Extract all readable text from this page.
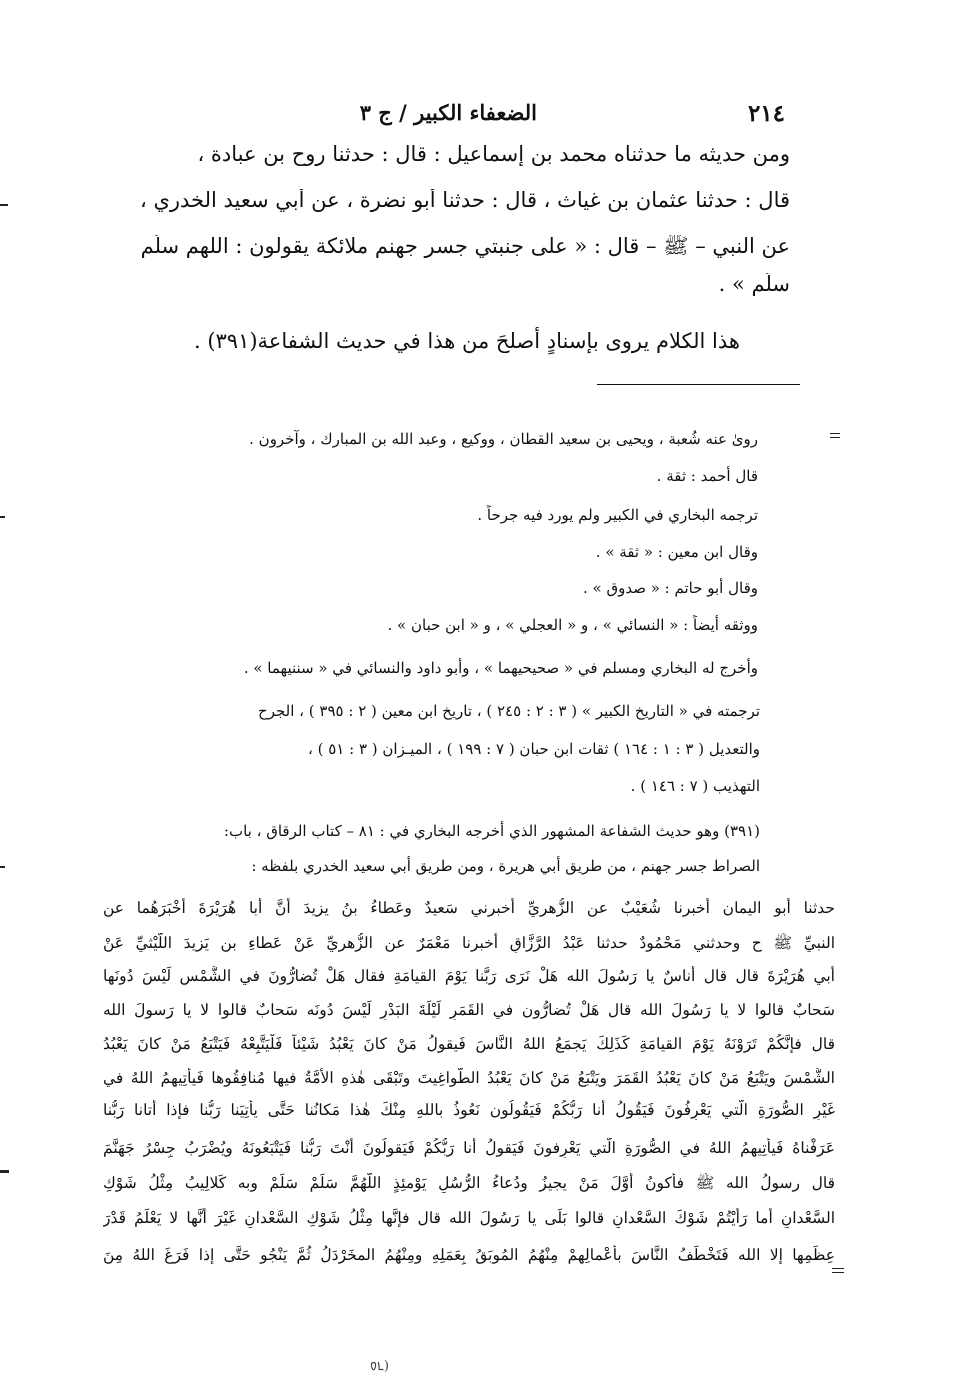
٢١٤
الضعفاء الكبير / ج ٣
ومن حديثه ما حدثناه محمد بن إسماعيل : قال : حدثنا روح بن عبادة ،
قال : حدثنا عثمان بن غياث ، قال : حدثنا أبو نضرة ، عن أبي سعيد الخدري ،
عن النبي – ﷺ – قال : « على جنبتي جسر جهنم ملائكة يقولون : اللهم سلّم
سلّم » .
هذا الكلام يروى بإسنادٍ أصلحَ من هذا في حديث الشفاعة(٣٩١) .
روىٰ عنه شُعبة ، ويحيى بن سعيد القطان ، ووكيع ، وعبد الله بن المبارك ، وآخرون .
قال أحمد : ثقة .
ترجمه البخاري في الكبير ولم يورد فيه جرحاً .
وقال ابن معين : « ثقة » .
وقال أبو حاتم : « صدوق » .
ووثقه أيضاً : « النسائي » ، و « العجلي » ، و « ابن حبان » .
وأخرج له البخاري ومسلم في « صحيحيهما » ، وأبو داود والنسائي في « سننيهما » .
ترجمته في « التاريخ الكبير » ( ٣ : ٢ : ٢٤٥ ) ، تاريخ ابن معين ( ٢ : ٣٩٥ ) ، الجرح
والتعديل ( ٣ : ١ : ١٦٤ ) ثقات ابن حبان ( ٧ : ١٩٩ ) ، الميـزان ( ٣ : ٥١ ) ،
التهذيب ( ٧ : ١٤٦ ) .
(٣٩١) وهو حديث الشفاعة المشهور الذي أخرجه البخاري في : ٨١ – كتاب الرقاق ، باب:
الصراط جسر جهنم ، من طريق أبي هريرة ، ومن طريق أبي سعيد الخدري بلفظه :
حدثنا أبو اليمان أخبرنا شُعَيْبٌ عن الزُّهريِّ أخبرني سَعيدٌ وعَطاءُ بنُ يزيدَ أنَّ أبا هُرَيْرَةَ أخْبَرَهُما عن
النبيِّ ﷺ ح وحدثني مَحْمُودٌ حدثنا عَبْدُ الرَّزَّاقِ أخبرنا مَعْمَرٌ عن الزُّهريِّ عَنْ عَطاءِ بنِ يَزيدَ اللَّيْثيِّ عَنْ
أبي هُرَيْرَةَ قال قال أُناسٌ يا رَسُولَ الله هَلْ نَرَى رَبَّنا يَوْمَ القيامَةِ فقال هَلْ تُضارُّونَ في الشَّمْسِ لَيْسَ دُونَها
سَحابٌ قالوا لا يا رَسُولَ الله قال هَلْ تُضارُّون في القَمَرِ لَيْلَةَ البَدْرِ لَيْسَ دُونَه سَحابٌ قالوا لا يا رَسولَ الله
قال فإنَّكُمْ تَرَوْنَهُ يَوْمَ القيامَةِ كَذَلِكَ يَجمَعُ اللهُ النَّاسَ فَيقولُ مَنْ كانَ يَعْبُدُ شَيْئاً فَلْيَتَّبِعْهُ فَيَتْبَعُ مَنْ كانَ يَعْبُدُ
الشَّمْسَ ويَتْبَعُ مَنْ كانَ يَعْبُدُ القَمَرَ ويَتْبَعُ مَنْ كانَ يَعْبُدُ الطَّواغِيتَ وتَبْقَى هٰذهِ الأُمَّةُ فيها مُنافِقُوها فَيأْتِيهِمُ اللهُ في
غَيْرِ الصُّورَةِ الَّتي يَعْرِفُونَ فَيَقُولُ أنا رَبُّكُمْ فَيَقُولُون نَعُوذُ باللهِ مِنْكَ هٰذا مَكانُنا حَتَّى يأْتِيَنا رَبُّنا فإذا أتانا رَبُّنا
عَرَفْناهُ فَيأْتِيهِمُ اللهُ في الصُّورَةِ الَّتي يَعْرِفونَ فَيَقولُ أنا رَبُّكُمْ فَيَقولُونَ أنْتَ رَبُّنا فَيَتْبَعُونَهُ ويُضْرَبُ جِسْرُ جَهَنَّمَ
قال رسولُ الله ﷺ فأكونُ أوَّلَ مَنْ يجيزُ ودُعاءُ الرُّسُلِ يَوْمئِذٍ اللَّهُمَّ سَلِّمْ سَلِّمْ وبه كَلالِيبُ مِثْلُ شَوْكِ
السَّعْدانِ أما رَأَيْتُمْ شَوْكَ السَّعْدانِ قالوا بَلَى يا رَسُولَ الله قال فإنَّها مِثْلُ شَوْكِ السَّعْدانِ غَيْرَ أنَّها لا يَعْلَمُ قَدْرَ
عِظَمِها إلا الله فَتَخْطَفُ النَّاسَ بأعْمالِهِمْ مِنْهُمُ المُوبَقُ بِعَمَلِهِ ومِنْهُمُ المخَرْدَلُ ثُمَّ يَنْجُو حَتَّى إذا فَرَغَ اللهُ مِنَ
(٦٥
